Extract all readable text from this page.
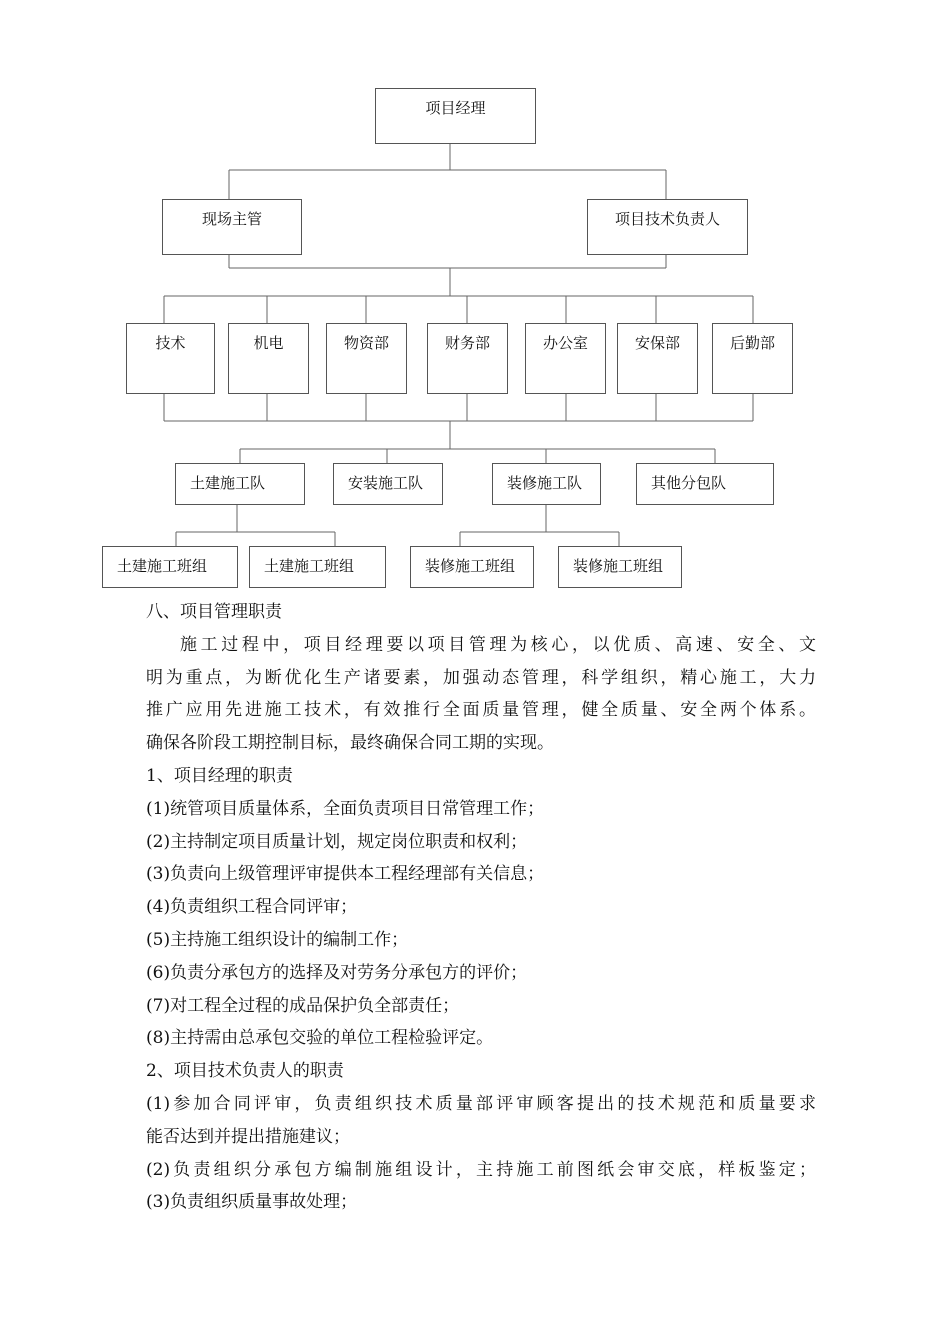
项目经理
现场主管	项目技术负责人
技术	机电	物资部	财务部	办公室	安保部	后勤部
土建施工队	安装施工队	装修施工队	其他分包队
土建施工班组	土建施工班组	装修施工班组	装修施工班组
八、项目管理职责
施工过程中，项目经理要以项目管理为核心，以优质、高速、安全、文
明为重点，为断优化生产诸要素，加强动态管理，科学组织，精心施工，大力
推广应用先进施工技术，有效推行全面质量管理，健全质量、安全两个体系。
确保各阶段工期控制目标，最终确保合同工期的实现。
1、项目经理的职责
(1)统管项目质量体系，全面负责项目日常管理工作；
(2)主持制定项目质量计划，规定岗位职责和权利；
(3)负责向上级管理评审提供本工程经理部有关信息；
(4)负责组织工程合同评审；
(5)主持施工组织设计的编制工作；
(6)负责分承包方的选择及对劳务分承包方的评价；
(7)对工程全过程的成品保护负全部责任；
(8)主持需由总承包交验的单位工程检验评定。
2、项目技术负责人的职责
(1)参加合同评审，负责组织技术质量部评审顾客提出的技术规范和质量要求
能否达到并提出措施建议；
(2)负责组织分承包方编制施组设计，主持施工前图纸会审交底，样板鉴定；
(3)负责组织质量事故处理；
